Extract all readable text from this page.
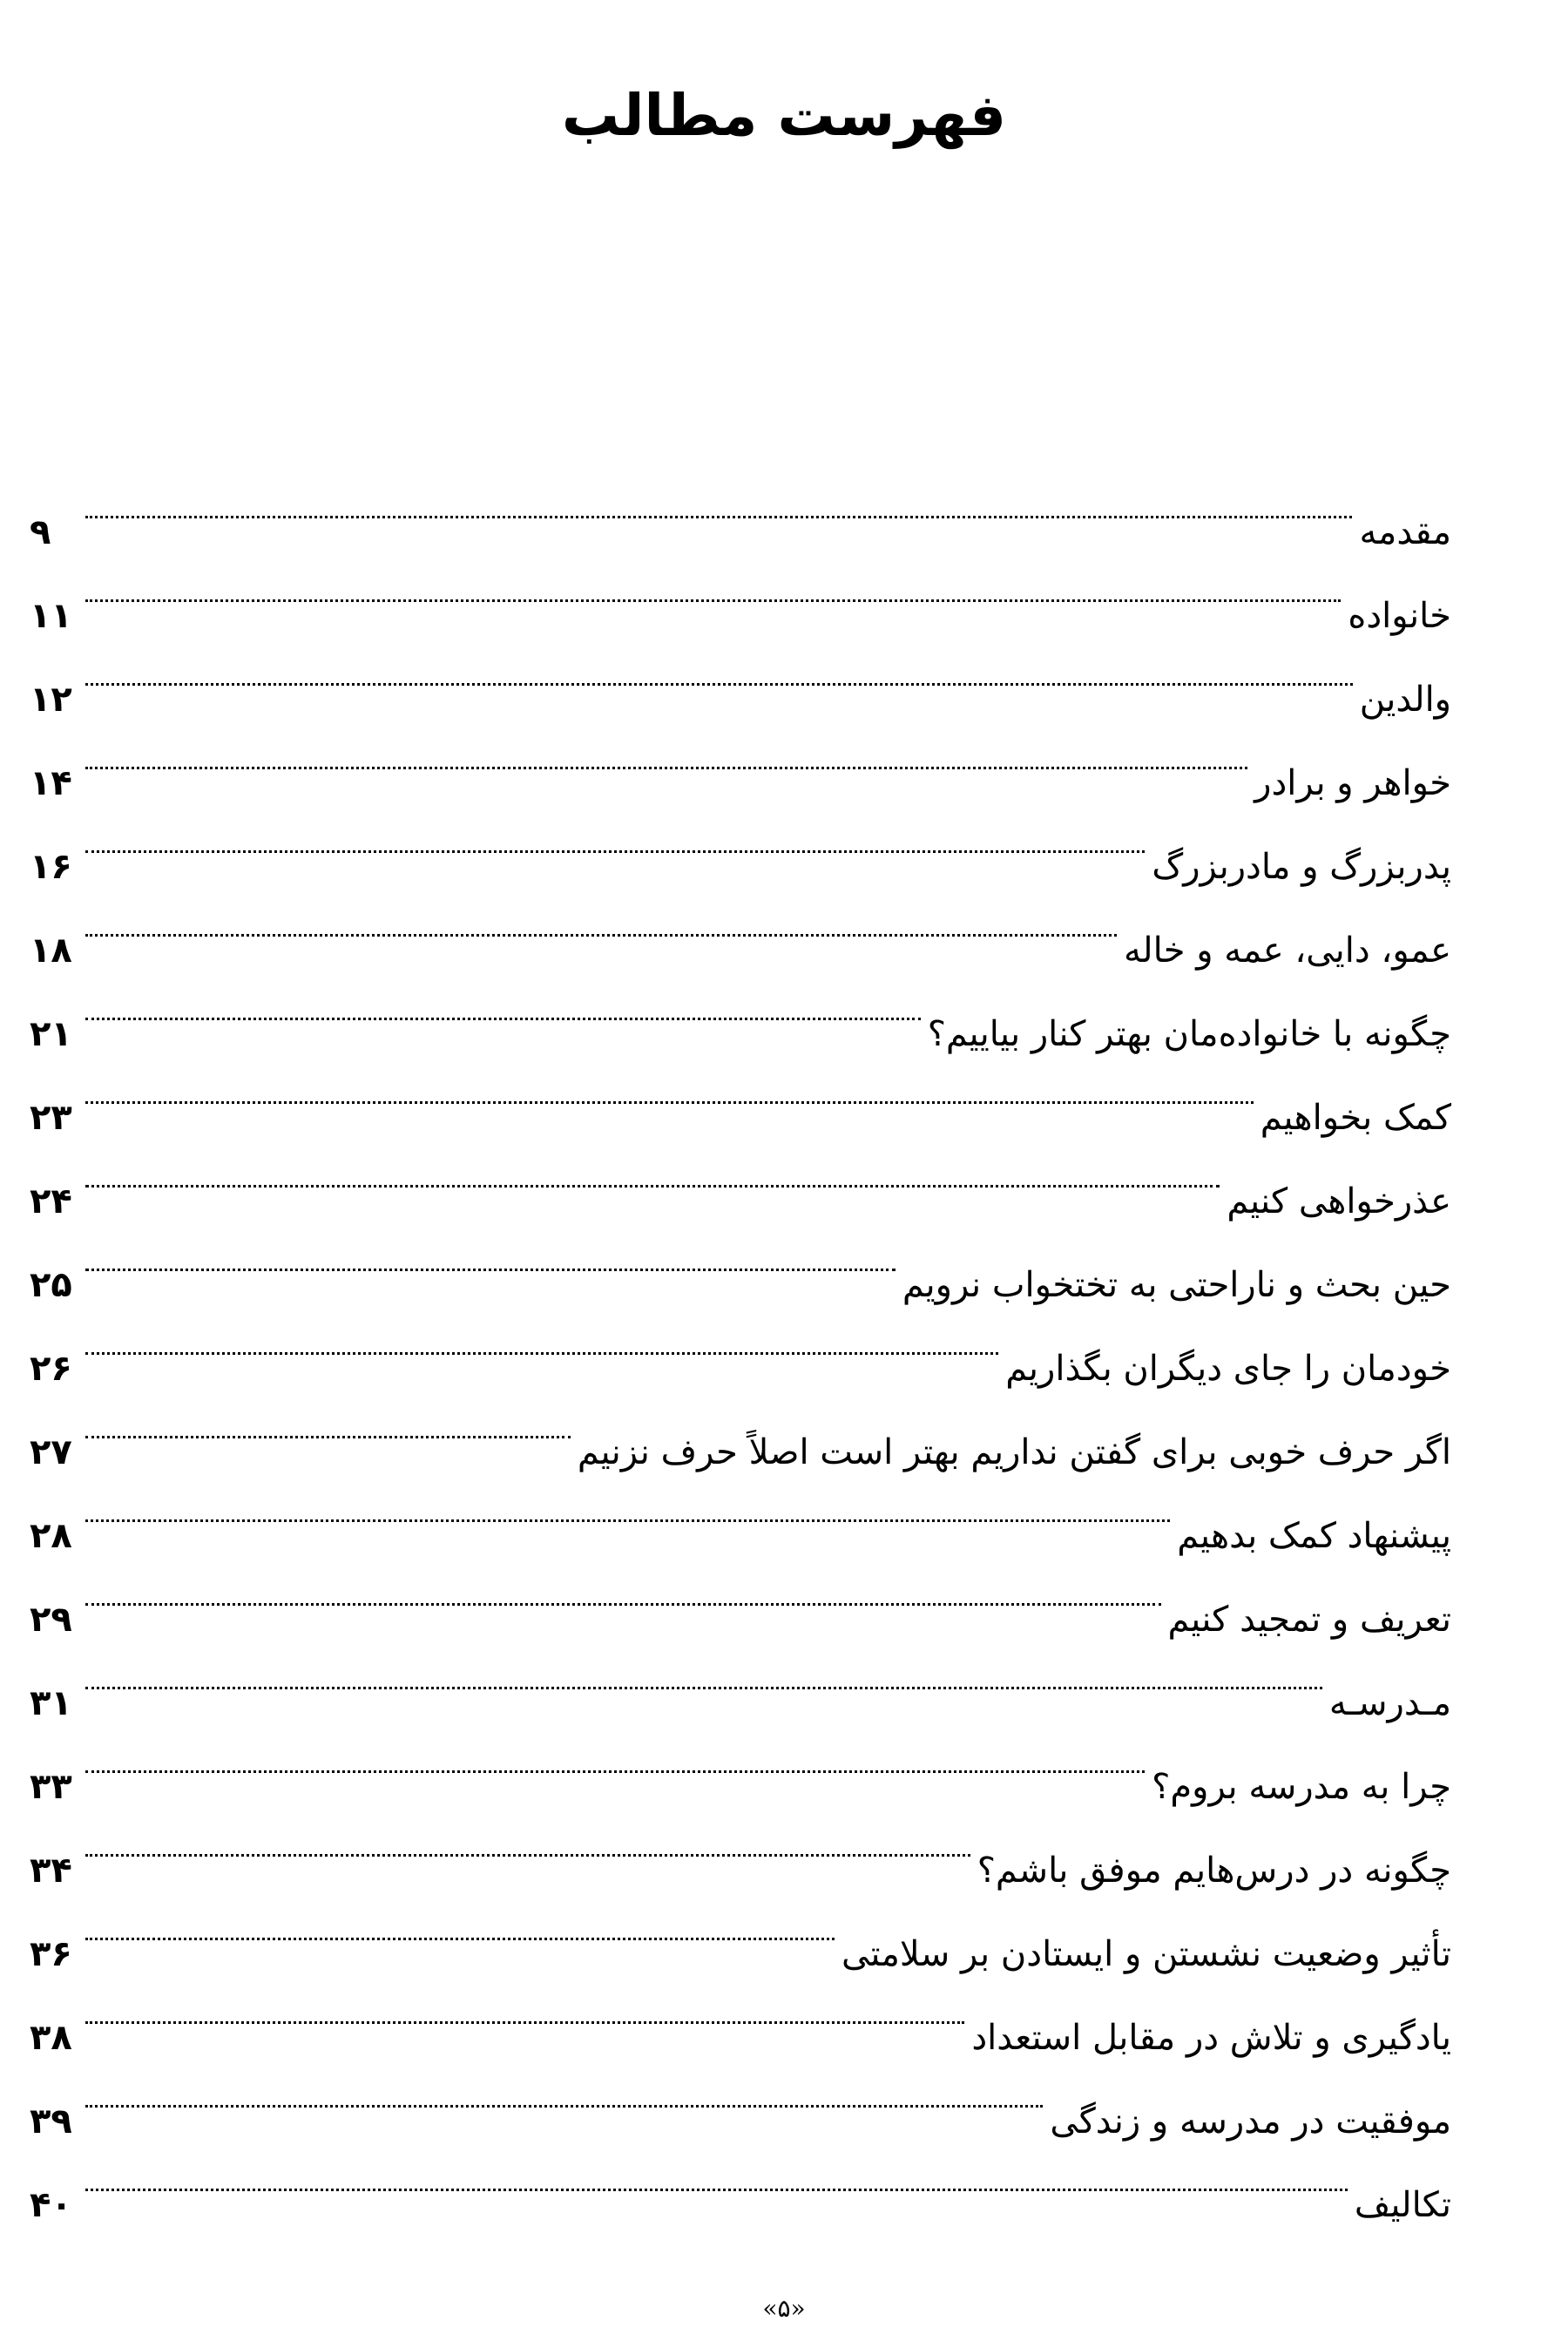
فهرست مطالب
مقدمه
۹
خانواده
۱۱
والدین
۱۲
خواهر و برادر
۱۴
پدربزرگ و مادربزرگ
۱۶
عمو، دایی، عمه و خاله
۱۸
چگونه با خانواده‌مان بهتر کنار بیاییم؟
۲۱
کمک بخواهیم
۲۳
عذرخواهی کنیم
۲۴
حین بحث و ناراحتی به تختخواب نرویم
۲۵
خودمان را جای دیگران بگذاریم
۲۶
اگر حرف خوبی برای گفتن نداریم بهتر است اصلاً حرف نزنیم
۲۷
پیشنهاد کمک بدهیم
۲۸
تعریف و تمجید کنیم
۲۹
مـدرسـه
۳۱
چرا به مدرسه بروم؟
۳۳
چگونه در درس‌هایم موفق باشم؟
۳۴
تأثیر وضعیت نشستن و ایستادن بر سلامتی
۳۶
یادگیری و تلاش در مقابل استعداد
۳۸
موفقیت در مدرسه و زندگی
۳۹
تکالیف
۴۰
«۵»
